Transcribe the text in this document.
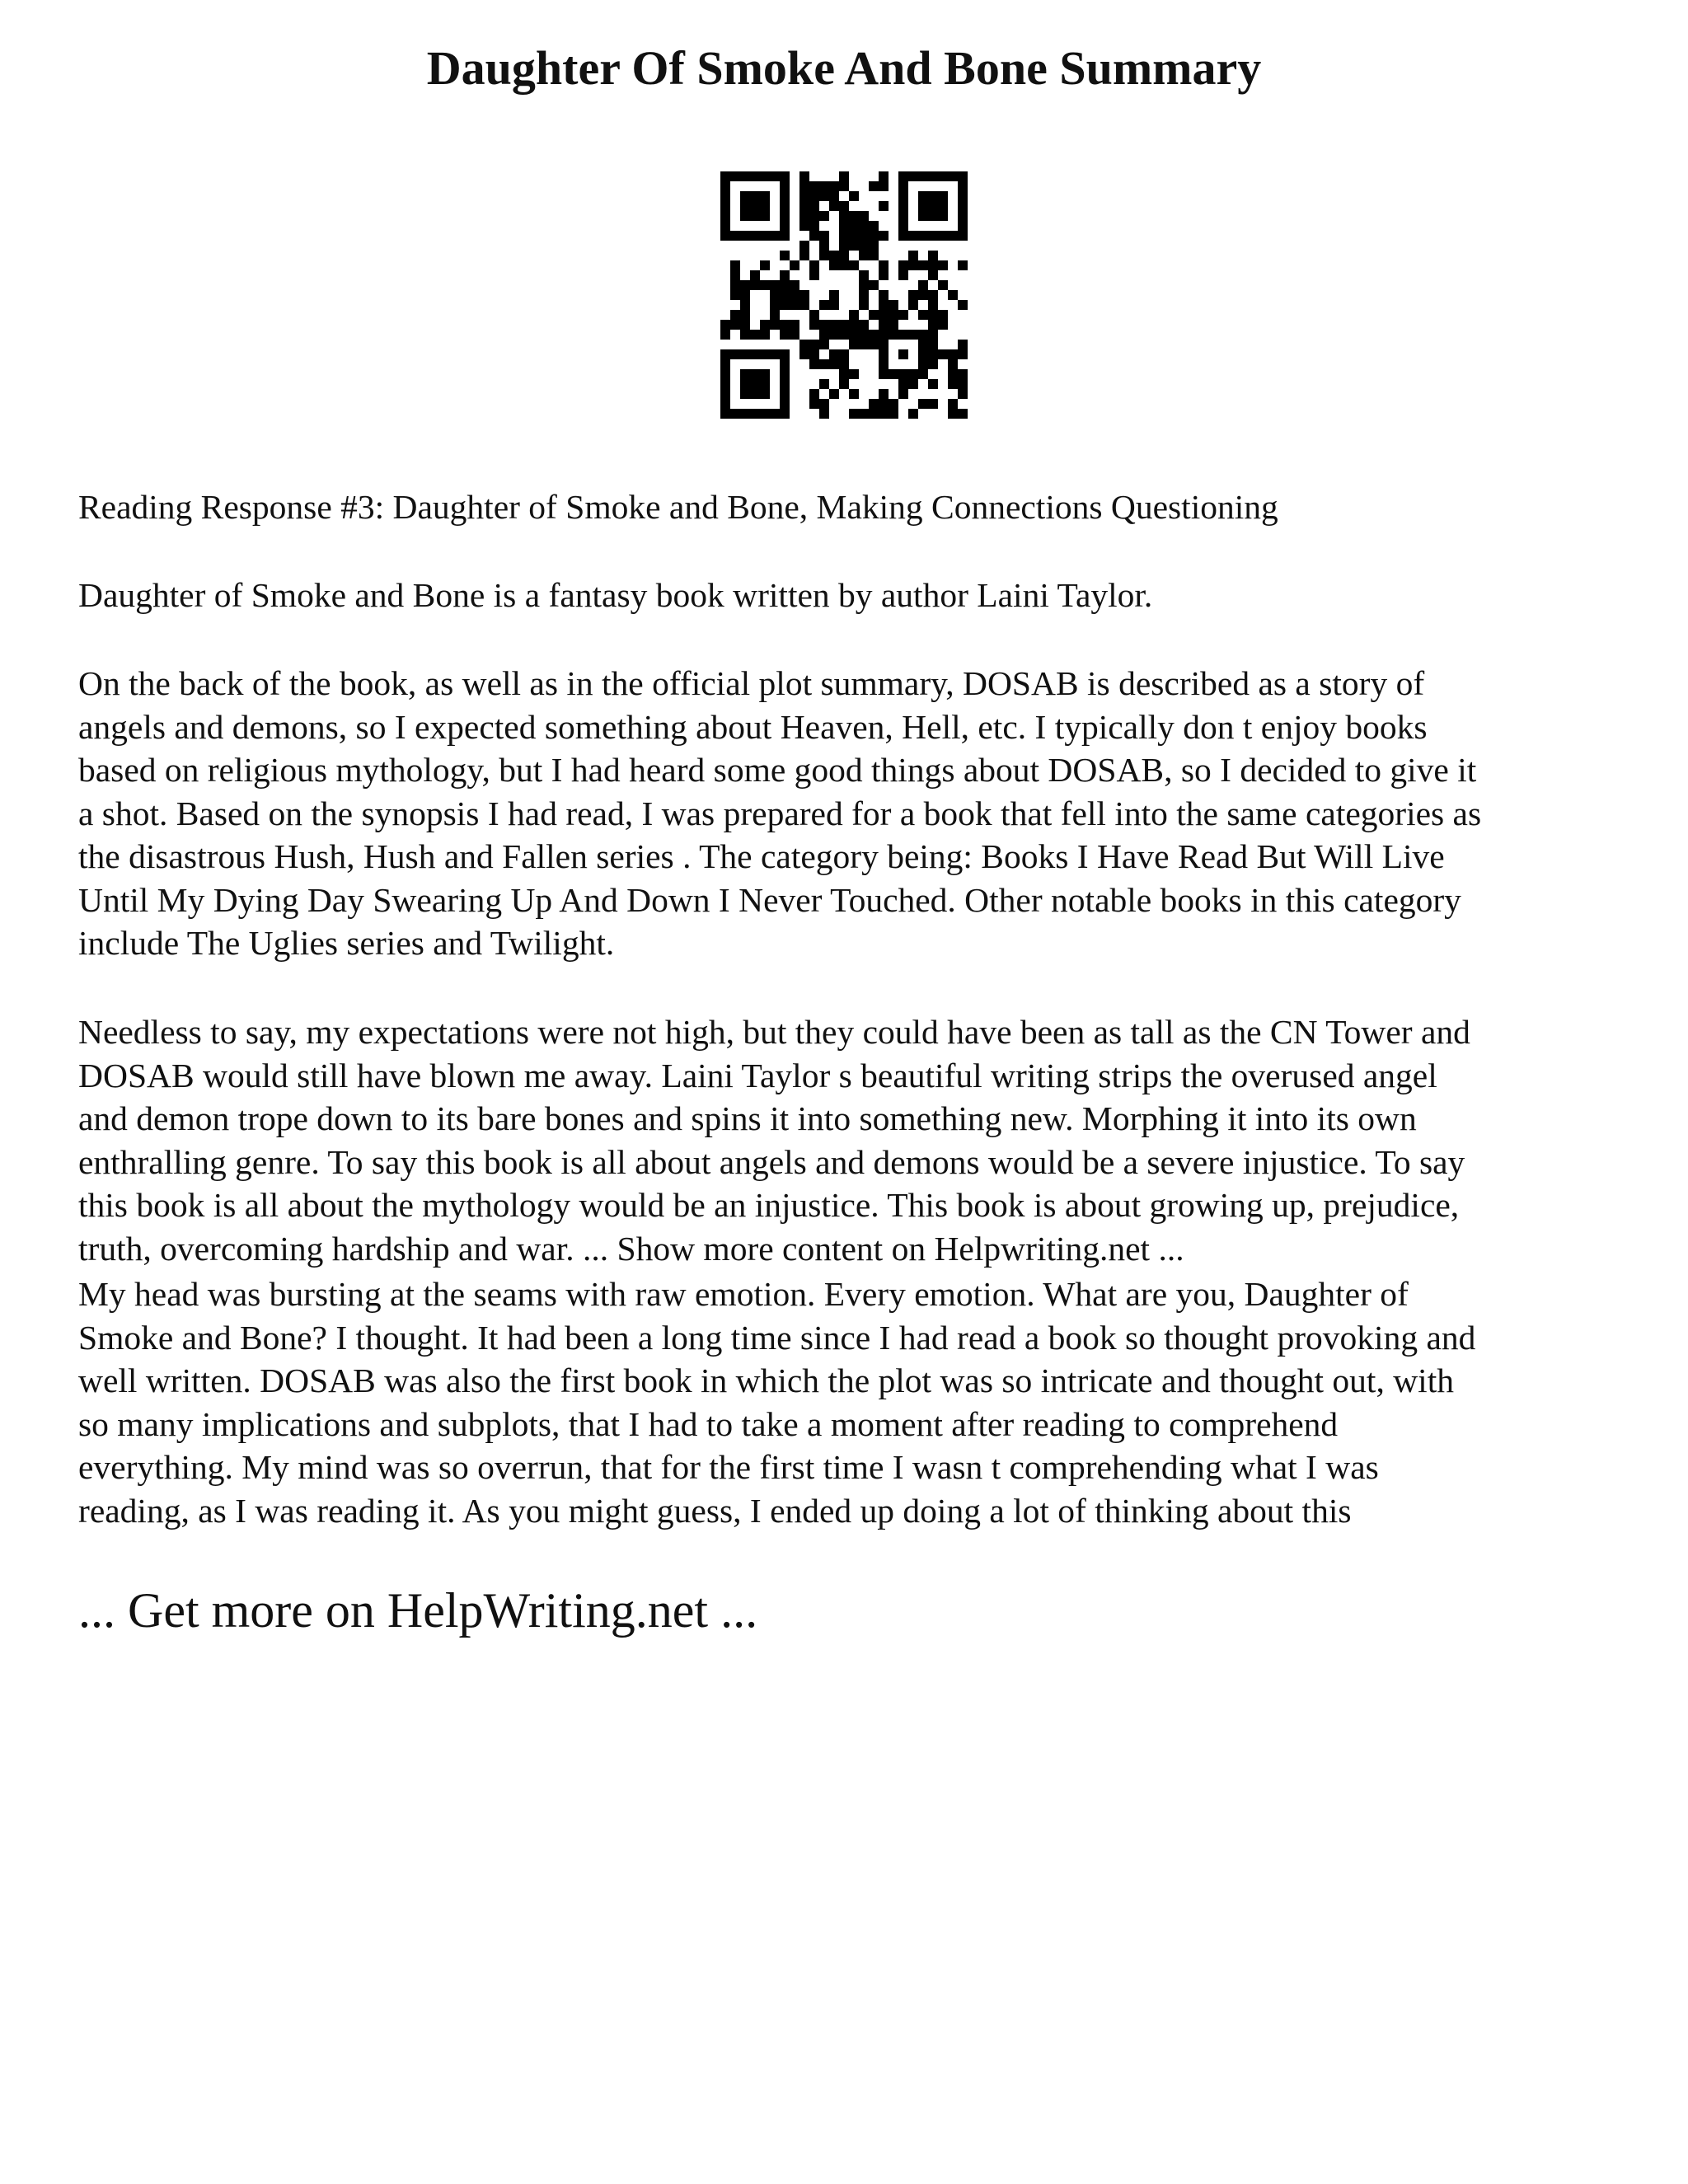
Daughter Of Smoke And Bone Summary
Reading Response #3: Daughter of Smoke and Bone, Making Connections Questioning
Daughter of Smoke and Bone is a fantasy book written by author Laini Taylor.
On the back of the book, as well as in the official plot summary, DOSAB is described as a story of
angels and demons, so I expected something about Heaven, Hell, etc. I typically don t enjoy books
based on religious mythology, but I had heard some good things about DOSAB, so I decided to give it
a shot. Based on the synopsis I had read, I was prepared for a book that fell into the same categories as
the disastrous Hush, Hush and Fallen series . The category being: Books I Have Read But Will Live
Until My Dying Day Swearing Up And Down I Never Touched. Other notable books in this category
include The Uglies series and Twilight.
Needless to say, my expectations were not high, but they could have been as tall as the CN Tower and
DOSAB would still have blown me away. Laini Taylor s beautiful writing strips the overused angel
and demon trope down to its bare bones and spins it into something new. Morphing it into its own
enthralling genre. To say this book is all about angels and demons would be a severe injustice. To say
this book is all about the mythology would be an injustice. This book is about growing up, prejudice,
truth, overcoming hardship and war. ... Show more content on Helpwriting.net ...
My head was bursting at the seams with raw emotion. Every emotion. What are you, Daughter of
Smoke and Bone? I thought. It had been a long time since I had read a book so thought provoking and
well written. DOSAB was also the first book in which the plot was so intricate and thought out, with
so many implications and subplots, that I had to take a moment after reading to comprehend
everything. My mind was so overrun, that for the first time I wasn t comprehending what I was
reading, as I was reading it. As you might guess, I ended up doing a lot of thinking about this

... Get more on HelpWriting.net ...
